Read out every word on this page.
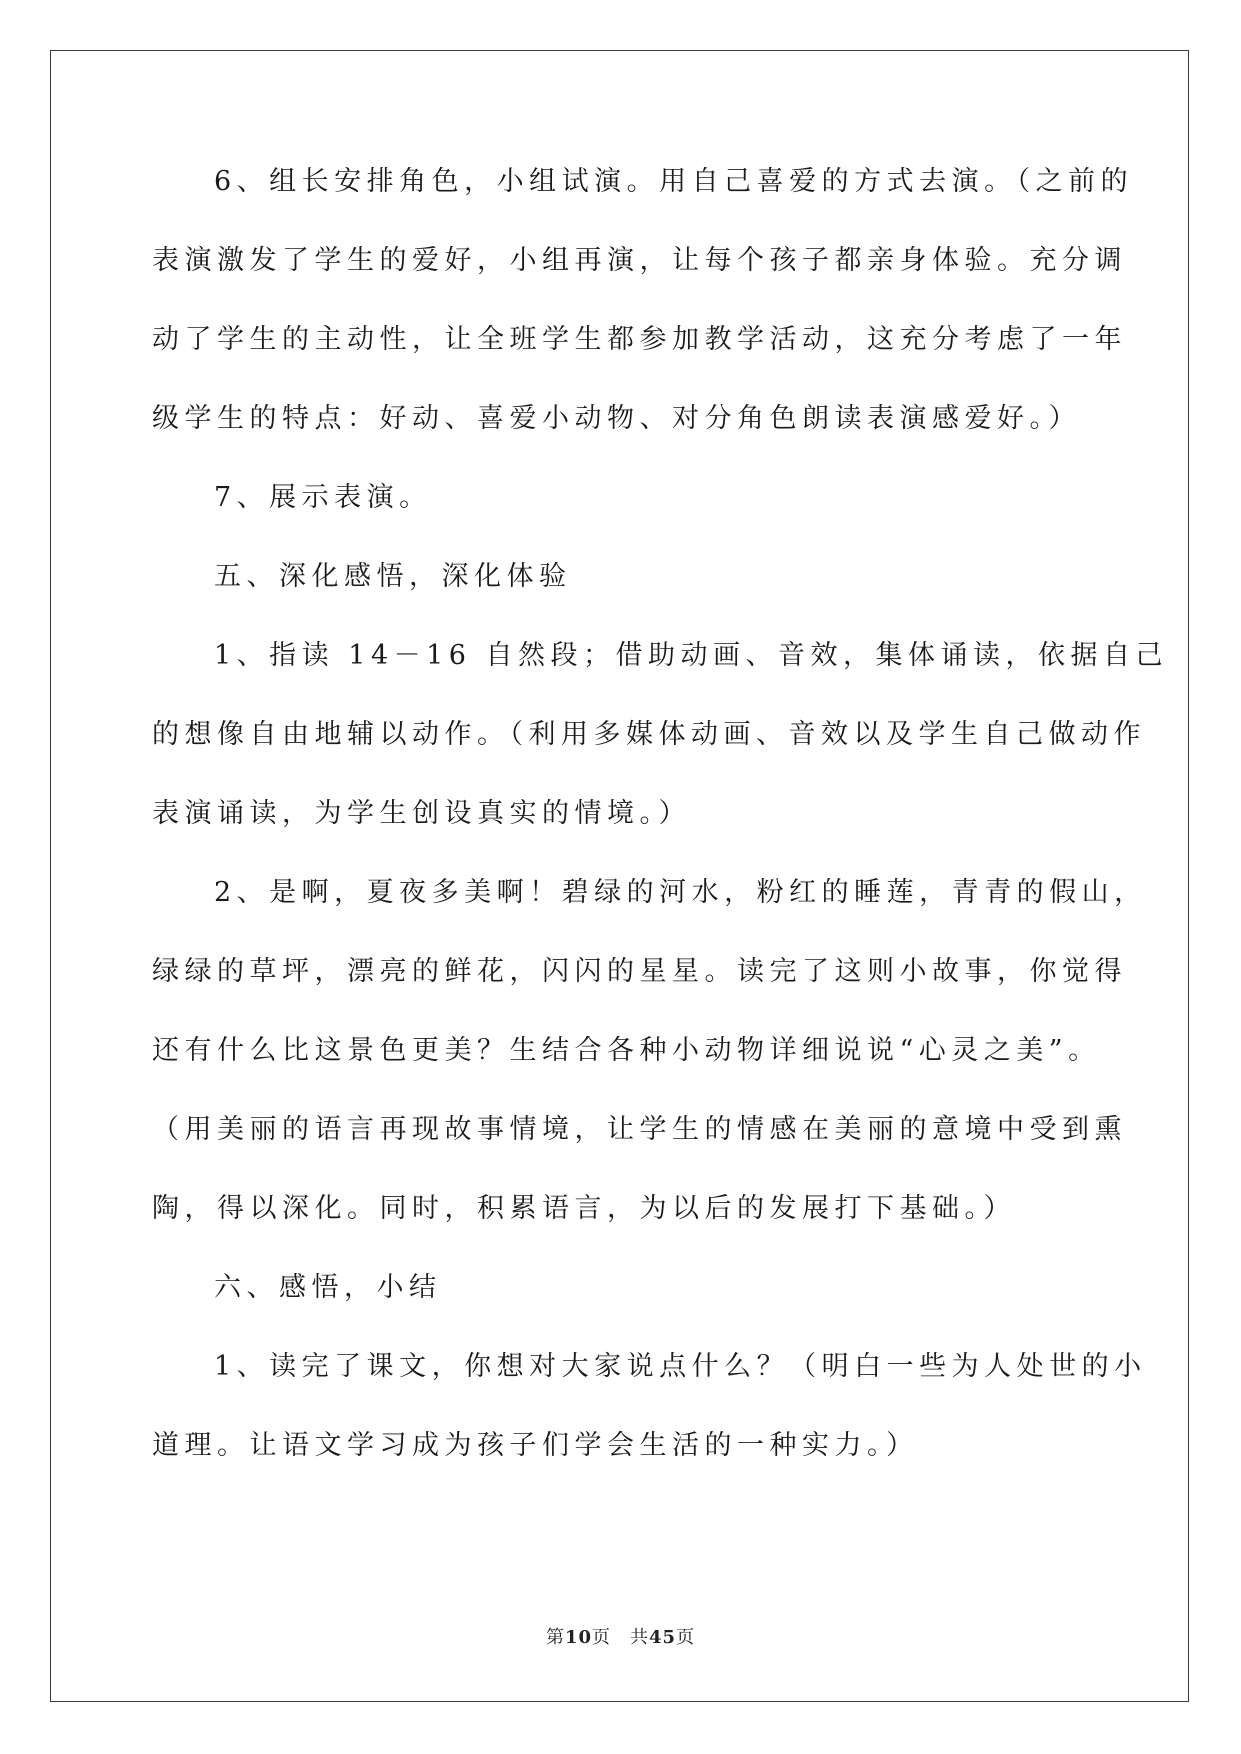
6、组长安排角色，小组试演。用自己喜爱的方式去演。（之前的
表演激发了学生的爱好，小组再演，让每个孩子都亲身体验。充分调
动了学生的主动性，让全班学生都参加教学活动，这充分考虑了一年
级学生的特点：好动、喜爱小动物、对分角色朗读表演感爱好。）
7、展示表演。
五、深化感悟，深化体验
1、指读 14－16 自然段；借助动画、音效，集体诵读，依据自己
的想像自由地辅以动作。（利用多媒体动画、音效以及学生自己做动作
表演诵读，为学生创设真实的情境。）
2、是啊，夏夜多美啊！碧绿的河水，粉红的睡莲，青青的假山，
绿绿的草坪，漂亮的鲜花，闪闪的星星。读完了这则小故事，你觉得
还有什么比这景色更美？生结合各种小动物详细说说“心灵之美”。
（用美丽的语言再现故事情境，让学生的情感在美丽的意境中受到熏
陶，得以深化。同时，积累语言，为以后的发展打下基础。）
六、感悟，小结
1、读完了课文，你想对大家说点什么？（明白一些为人处世的小
道理。让语文学习成为孩子们学会生活的一种实力。）
第10页　共45页
